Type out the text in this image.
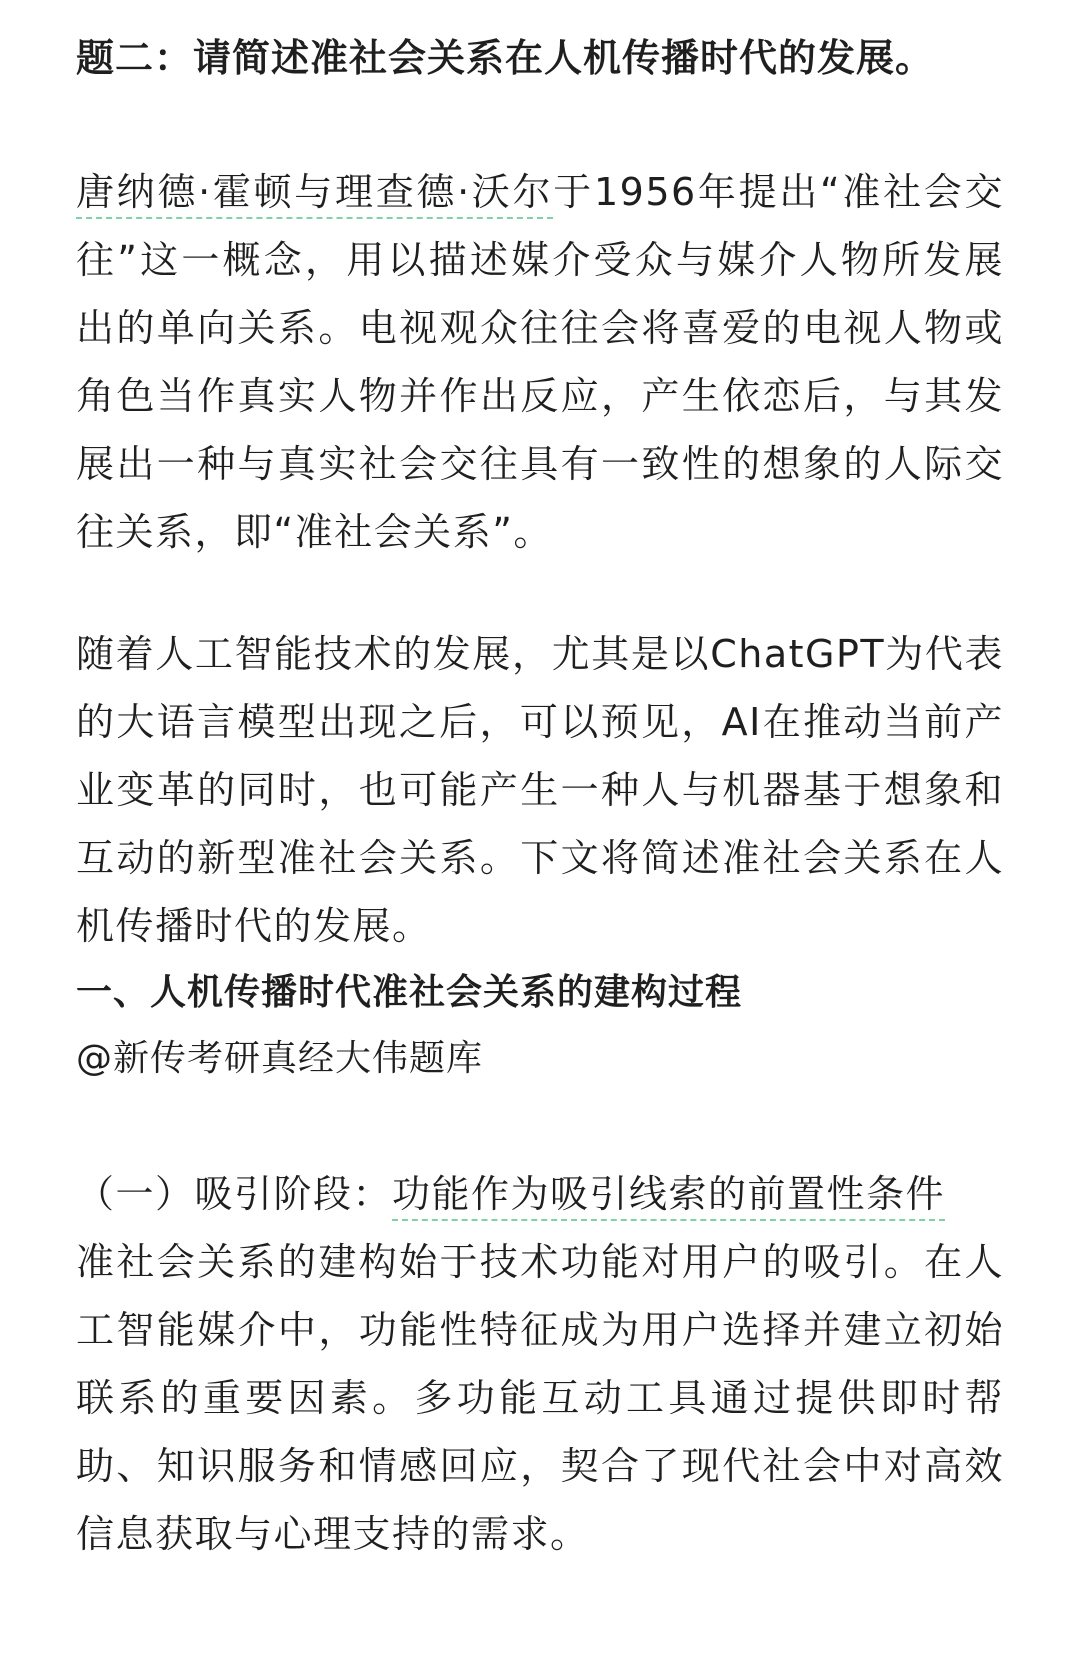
题二：请简述准社会关系在人机传播时代的发展。

唐纳德·霍顿与理查德·沃尔于1956年提出“准社会交往”这一概念，用以描述媒介受众与媒介人物所发展出的单向关系。电视观众往往会将喜爱的电视人物或角色当作真实人物并作出反应，产生依恋后，与其发展出一种与真实社会交往具有一致性的想象的人际交往关系，即“准社会关系”。

随着人工智能技术的发展，尤其是以ChatGPT为代表的大语言模型出现之后，可以预见，AI在推动当前产业变革的同时，也可能产生一种人与机器基于想象和互动的新型准社会关系。下文将简述准社会关系在人机传播时代的发展。

一、人机传播时代准社会关系的建构过程

@新传考研真经大伟题库

（一）吸引阶段：功能作为吸引线索的前置性条件

准社会关系的建构始于技术功能对用户的吸引。在人工智能媒介中，功能性特征成为用户选择并建立初始联系的重要因素。多功能互动工具通过提供即时帮助、知识服务和情感回应，契合了现代社会中对高效信息获取与心理支持的需求。
